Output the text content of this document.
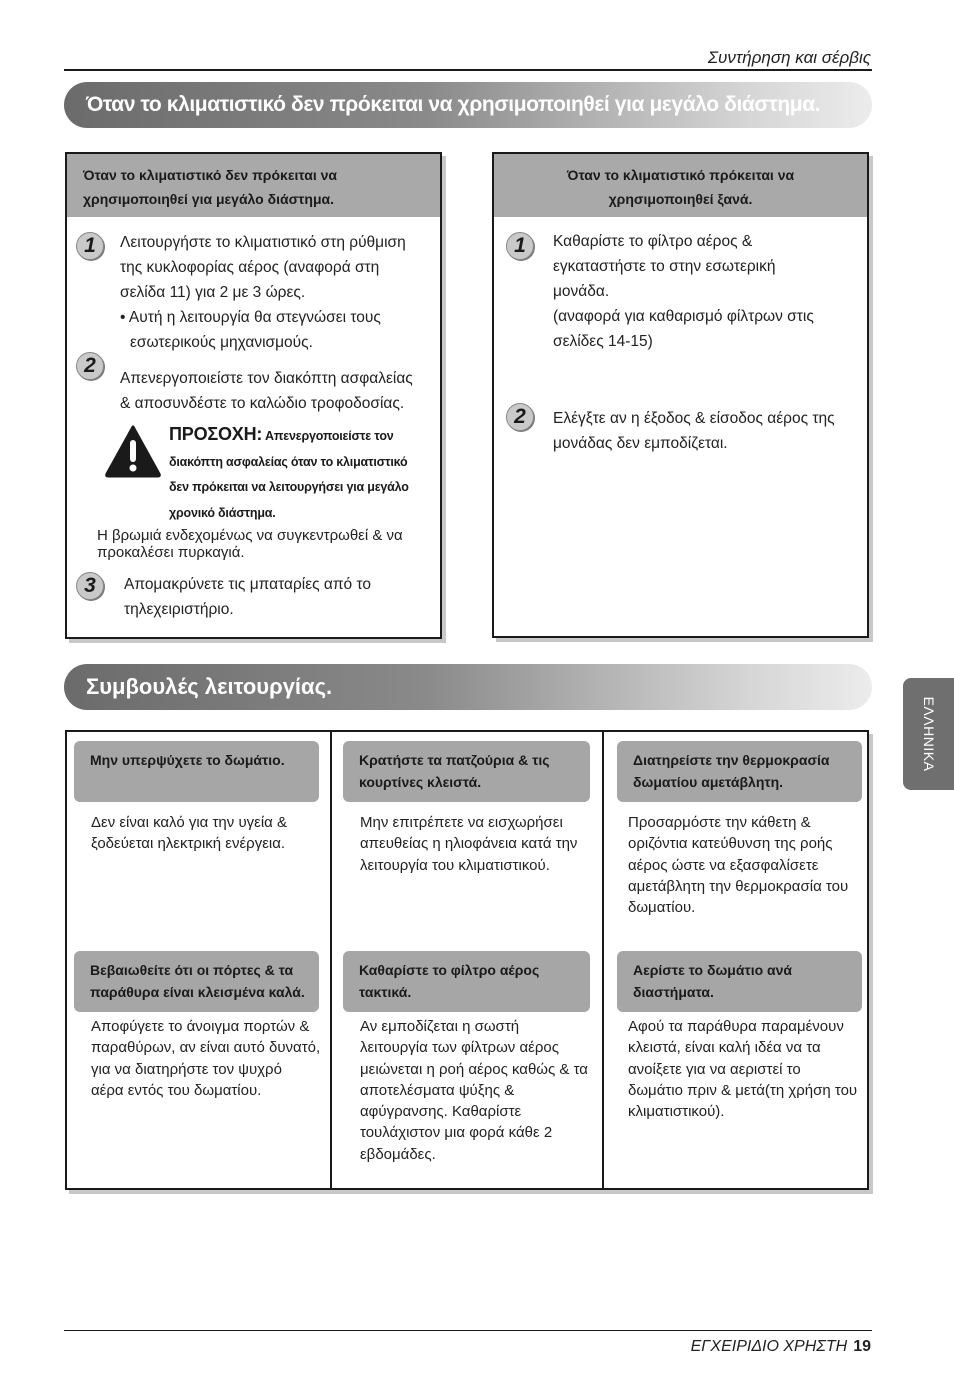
Συντήρηση και σέρβις
Όταν το κλιματιστικό δεν πρόκειται να χρησιμοποιηθεί για μεγάλο διάστημα.
Όταν το κλιματιστικό δεν πρόκειται να
χρησιμοποιηθεί για μεγάλο διάστημα.
1	Λειτουργήστε το κλιματιστικό στη ρύθμιση
της κυκλοφορίας αέρος (αναφορά στη
σελίδα 11) για 2 με 3 ώρες.
• Αυτή η λειτουργία θα στεγνώσει τους
εσωτερικούς μηχανισμούς.
2
Απενεργοποιείστε τον διακόπτη ασφαλείας
& αποσυνδέστε το καλώδιο τροφοδοσίας.
ΠΡΟΣΟΧΗ: Απενεργοποιείστε τον
διακόπτη ασφαλείας όταν το κλιματιστικό
δεν πρόκειται να λειτουργήσει για μεγάλο
χρονικό διάστημα.
Η βρωμιά ενδεχομένως να συγκεντρωθεί & να
προκαλέσει πυρκαγιά.
3	Απομακρύνετε τις μπαταρίες από το
τηλεχειριστήριο.
Όταν το κλιματιστικό πρόκειται να
χρησιμοποιηθεί ξανά.
1	Καθαρίστε το φίλτρο αέρος &
εγκαταστήστε το στην εσωτερική
μονάδα.
(αναφορά για καθαρισμό φίλτρων στις
σελίδες 14-15)
2	Ελέγξτε αν η έξοδος & είσοδος αέρος της
μονάδας δεν εμποδίζεται.
Συμβουλές λειτουργίας.
ΕΛΛΗΝΙΚΑ
Μην υπερψύχετε το δωμάτιο.
Δεν είναι καλό για την υγεία &
ξοδεύεται ηλεκτρική ενέργεια.
Κρατήστε τα πατζούρια & τις
κουρτίνες κλειστά.
Μην επιτρέπετε να εισχωρήσει
απευθείας η ηλιοφάνεια κατά την
λειτουργία του κλιματιστικού.
Διατηρείστε την θερμοκρασία
δωματίου αμετάβλητη.
Προσαρμόστε την κάθετη &
οριζόντια κατεύθυνση της ροής
αέρος ώστε να εξασφαλίσετε
αμετάβλητη την θερμοκρασία του
δωματίου.
Βεβαιωθείτε ότι οι πόρτες & τα
παράθυρα είναι κλεισμένα καλά.
Αποφύγετε το άνοιγμα πορτών &
παραθύρων, αν είναι αυτό δυνατό,
για να διατηρήστε τον ψυχρό
αέρα εντός του δωματίου.
Καθαρίστε το φίλτρο αέρος
τακτικά.
Αν εμποδίζεται η σωστή
λειτουργία των φίλτρων αέρος
μειώνεται η ροή αέρος καθώς & τα
αποτελέσματα ψύξης &
αφύγρανσης. Καθαρίστε
τουλάχιστον μια φορά κάθε 2
εβδομάδες.
Αερίστε το δωμάτιο ανά
διαστήματα.
Αφού τα παράθυρα παραμένουν
κλειστά, είναι καλή ιδέα να τα
ανοίξετε για να αεριστεί το
δωμάτιο πριν & μετά(τη χρήση του
κλιματιστικού).
ΕΓΧΕΙΡΙΔΙΟ ΧΡΗΣΤΗ 19
